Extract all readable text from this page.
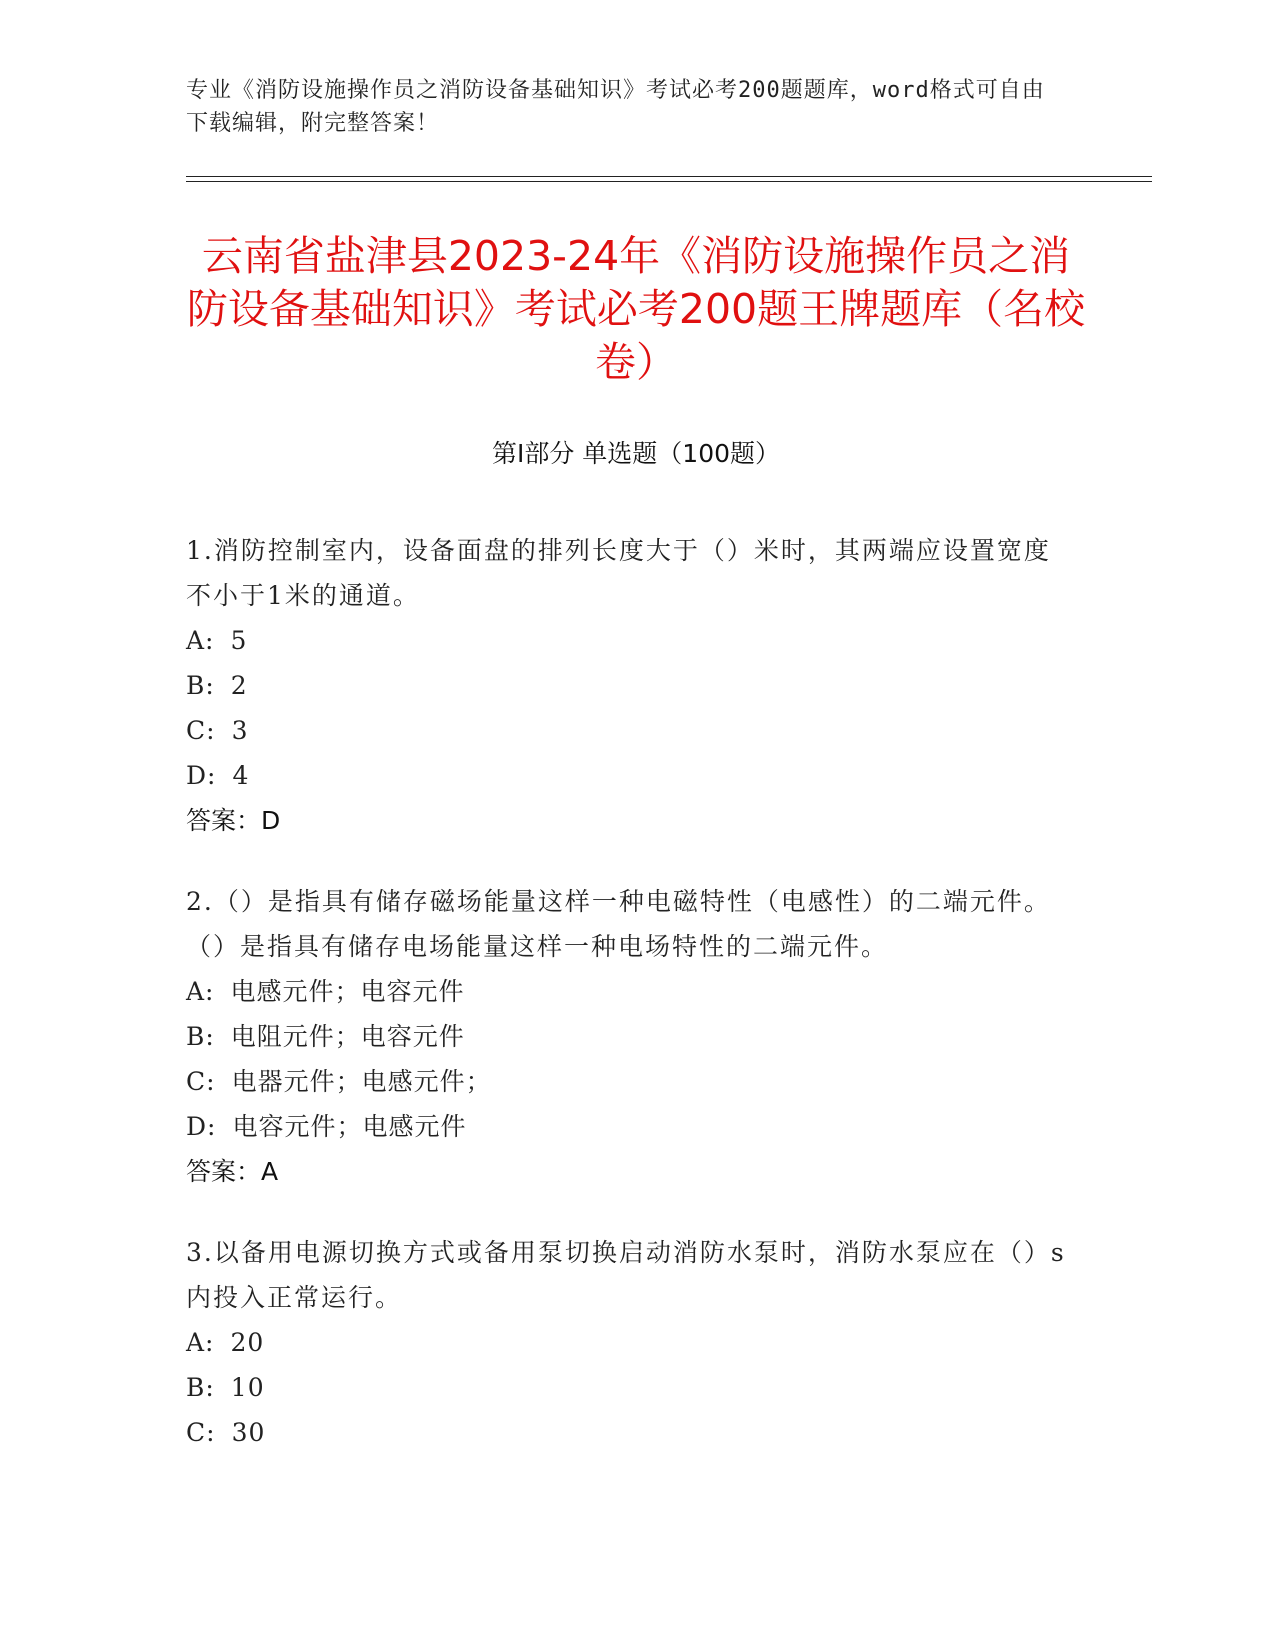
专业《消防设施操作员之消防设备基础知识》考试必考200题题库，word格式可自由下载编辑，附完整答案！
云南省盐津县2023-24年《消防设施操作员之消防设备基础知识》考试必考200题王牌题库（名校卷）
第I部分 单选题（100题）
1.消防控制室内，设备面盘的排列长度大于（）米时，其两端应设置宽度不小于1米的通道。
A: 5
B: 2
C: 3
D: 4
答案：D
2.（）是指具有储存磁场能量这样一种电磁特性（电感性）的二端元件。（）是指具有储存电场能量这样一种电场特性的二端元件。
A: 电感元件；电容元件
B: 电阻元件；电容元件
C: 电器元件；电感元件；
D: 电容元件；电感元件
答案：A
3.以备用电源切换方式或备用泵切换启动消防水泵时，消防水泵应在（）s内投入正常运行。
A: 20
B: 10
C: 30
